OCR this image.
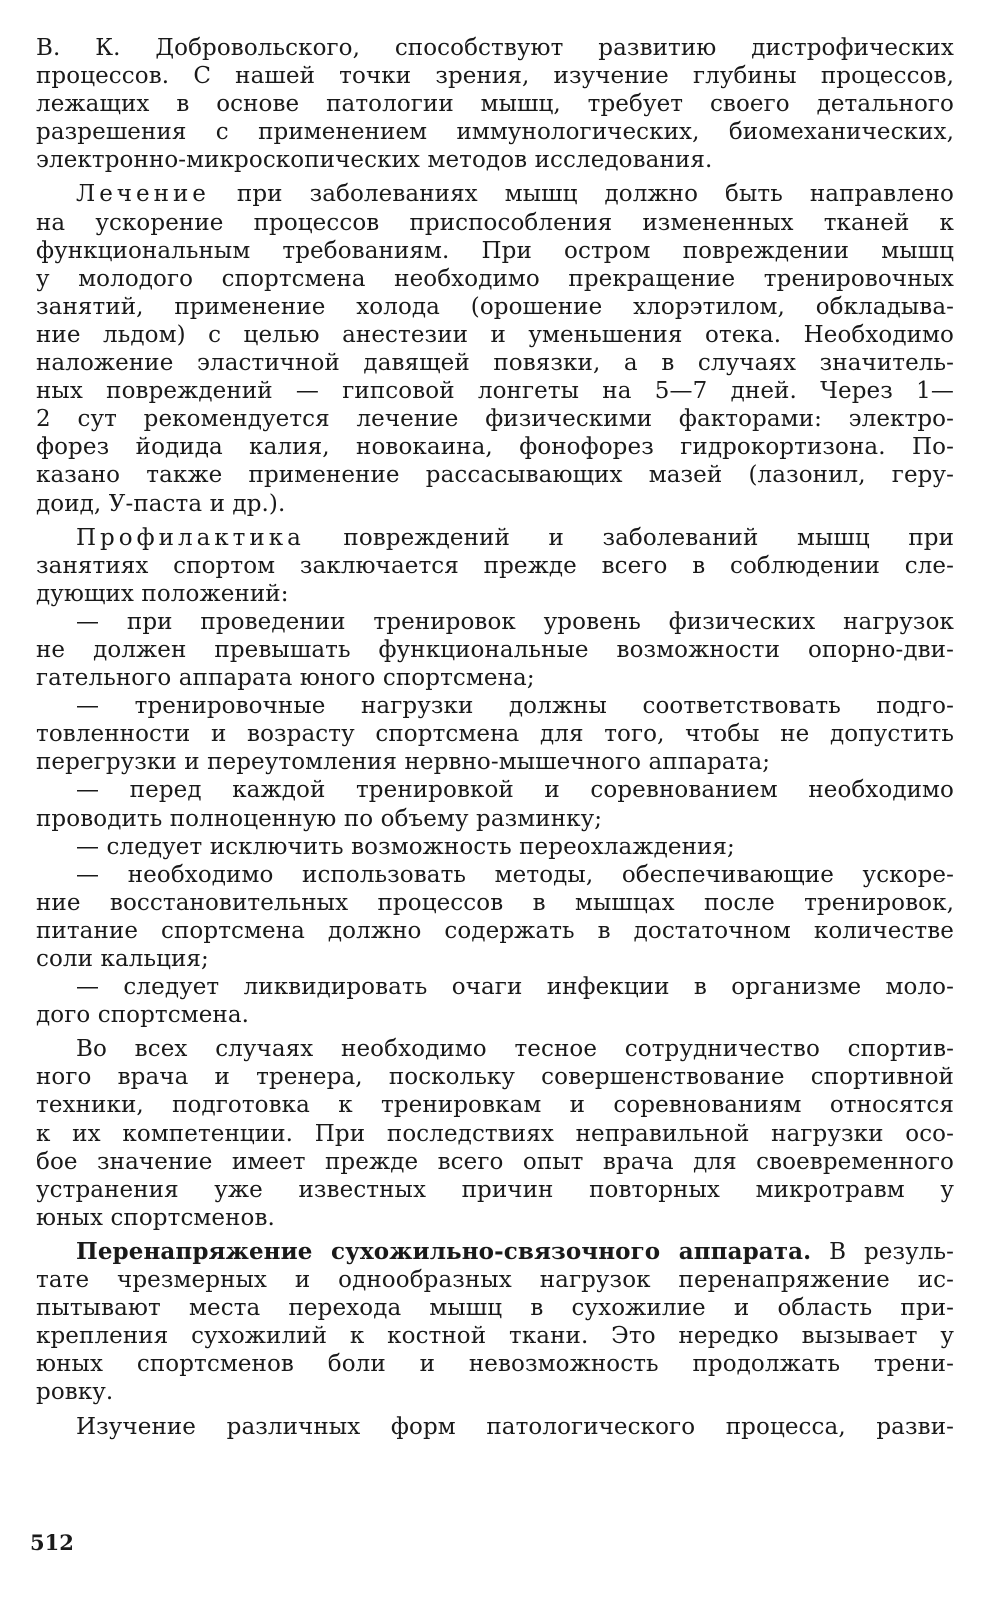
В. К. Добровольского, способствуют развитию дистрофических
процессов. С нашей точки зрения, изучение глубины процессов,
лежащих в основе патологии мышц, требует своего детального
разрешения с применением иммунологических, биомеханических,
электронно-микроскопических методов исследования.
Лечение при заболеваниях мышц должно быть направлено
на ускорение процессов приспособления измененных тканей к
функциональным требованиям. При остром повреждении мышц
у молодого спортсмена необходимо прекращение тренировочных
занятий, применение холода (орошение хлорэтилом, обкладыва-
ние льдом) с целью анестезии и уменьшения отека. Необходимо
наложение эластичной давящей повязки, а в случаях значитель-
ных повреждений — гипсовой лонгеты на 5—7 дней. Через 1—
2 сут рекомендуется лечение физическими факторами: электро-
форез йодида калия, новокаина, фонофорез гидрокортизона. По-
казано также применение рассасывающих мазей (лазонил, геру-
доид, У-паста и др.).
Профилактика повреждений и заболеваний мышц при
занятиях спортом заключается прежде всего в соблюдении сле-
дующих положений:
— при проведении тренировок уровень физических нагрузок
не должен превышать функциональные возможности опорно-дви-
гательного аппарата юного спортсмена;
— тренировочные нагрузки должны соответствовать подго-
товленности и возрасту спортсмена для того, чтобы не допустить
перегрузки и переутомления нервно-мышечного аппарата;
— перед каждой тренировкой и соревнованием необходимо
проводить полноценную по объему разминку;
— следует исключить возможность переохлаждения;
— необходимо использовать методы, обеспечивающие ускоре-
ние восстановительных процессов в мышцах после тренировок,
питание спортсмена должно содержать в достаточном количестве
соли кальция;
— следует ликвидировать очаги инфекции в организме моло-
дого спортсмена.
Во всех случаях необходимо тесное сотрудничество спортив-
ного врача и тренера, поскольку совершенствование спортивной
техники, подготовка к тренировкам и соревнованиям относятся
к их компетенции. При последствиях неправильной нагрузки осо-
бое значение имеет прежде всего опыт врача для своевременного
устранения уже известных причин повторных микротравм у
юных спортсменов.
Перенапряжение сухожильно-связочного аппарата. В резуль-
тате чрезмерных и однообразных нагрузок перенапряжение ис-
пытывают места перехода мышц в сухожилие и область при-
крепления сухожилий к костной ткани. Это нередко вызывает у
юных спортсменов боли и невозможность продолжать трени-
ровку.
Изучение различных форм патологического процесса, разви-
512
